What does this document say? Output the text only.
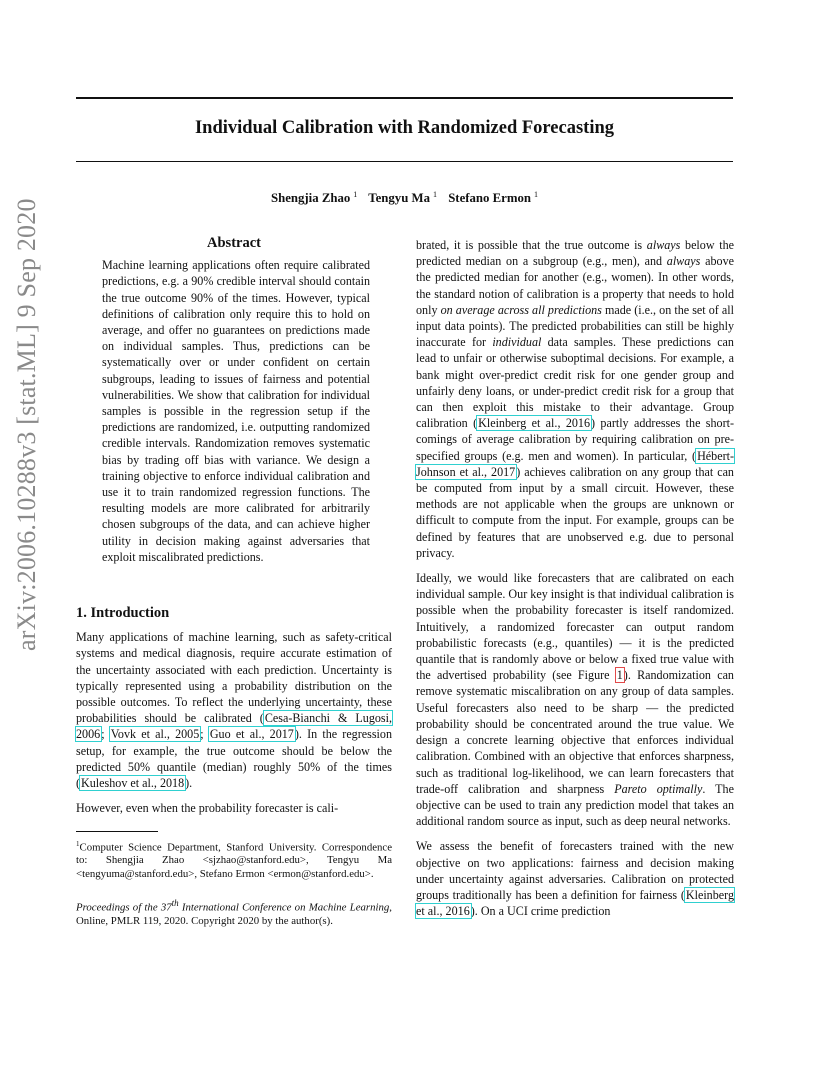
Individual Calibration with Randomized Forecasting
Shengjia Zhao $^1$ Tengyu Ma $^1$ Stefano Ermon $^1$
arXiv:2006.10288v3 [stat.ML] 9 Sep 2020	Abstract
Machine learning applications often require calibrated predictions, e.g. a 90% credible interval should contain the true outcome 90% of the times. However, typical definitions of calibration only require this to hold on average, and offer no guarantees on predictions made on individual samples. Thus, predictions can be systematically over or under confident on certain subgroups, leading to issues of fairness and potential vulnerabilities. We show that calibration for individual samples is possible in the regression setup if the predictions are randomized, i.e. outputting randomized credible intervals. Randomization removes systematic bias by trading off bias with variance. We design a training objective to enforce individual calibration and use it to train randomized regression functions. The resulting models are more calibrated for arbitrarily chosen subgroups of the data, and can achieve higher utility in decision making against adversaries that exploit miscalibrated predictions.
1. Introduction

Many applications of machine learning, such as safety-critical systems and medical diagnosis, require accurate estimation of the uncertainty associated with each prediction. Uncertainty is typically represented using a probability distribution on the possible outcomes. To reflect the underlying uncertainty, these probabilities should be calibrated (Cesa-Bianchi & Lugosi, 2006; Vovk et al., 2005; Guo et al., 2017). In the regression setup, for example, the true outcome should be below the predicted 50% quantile (median) roughly 50% of the times (Kuleshov et al., 2018).

However, even when the probability forecaster is cali-

$^1$Computer Science Department, Stanford University. Correspondence to: Shengjia Zhao <sjzhao@stanford.edu>, Tengyu Ma <tengyuma@stanford.edu>, Stefano Ermon <ermon@stanford.edu>.
Proceedings of the 37th International Conference on Machine Learning, Online, PMLR 119, 2020. Copyright 2020 by the author(s).

brated, it is possible that the true outcome is always below the predicted median on a subgroup (e.g., men), and always above the predicted median for another (e.g., women). In other words, the standard notion of calibration is a property that needs to hold only on average across all predictions made (i.e., on the set of all input data points). The predicted probabilities can still be highly inaccurate for individual data samples. These predictions can lead to unfair or otherwise suboptimal decisions. For example, a bank might over-predict credit risk for one gender group and unfairly deny loans, or under-predict credit risk for a group that can then exploit this mistake to their advantage. Group calibration (Kleinberg et al., 2016) partly addresses the short-comings of average calibration by requiring calibration on pre-specified groups (e.g. men and women). In particular, (Hébert-Johnson et al., 2017) achieves calibration on any group that can be computed from input by a small circuit. However, these methods are not applicable when the groups are unknown or difficult to compute from the input. For example, groups can be defined by features that are unobserved e.g. due to personal privacy.

Ideally, we would like forecasters that are calibrated on each individual sample. Our key insight is that individual calibration is possible when the probability forecaster is itself randomized. Intuitively, a randomized forecaster can output random probabilistic forecasts (e.g., quantiles) — it is the predicted quantile that is randomly above or below a fixed true value with the advertised probability (see Figure 1). Randomization can remove systematic miscalibration on any group of data samples. Useful forecasters also need to be sharp — the predicted probability should be concentrated around the true value. We design a concrete learning objective that enforces individual calibration. Combined with an objective that enforces sharpness, such as traditional log-likelihood, we can learn forecasters that trade-off calibration and sharpness Pareto optimally. The objective can be used to train any prediction model that takes an additional random source as input, such as deep neural networks.

We assess the benefit of forecasters trained with the new objective on two applications: fairness and decision making under uncertainty against adversaries. Calibration on protected groups traditionally has been a definition for fairness (Kleinberg et al., 2016). On a UCI crime prediction
